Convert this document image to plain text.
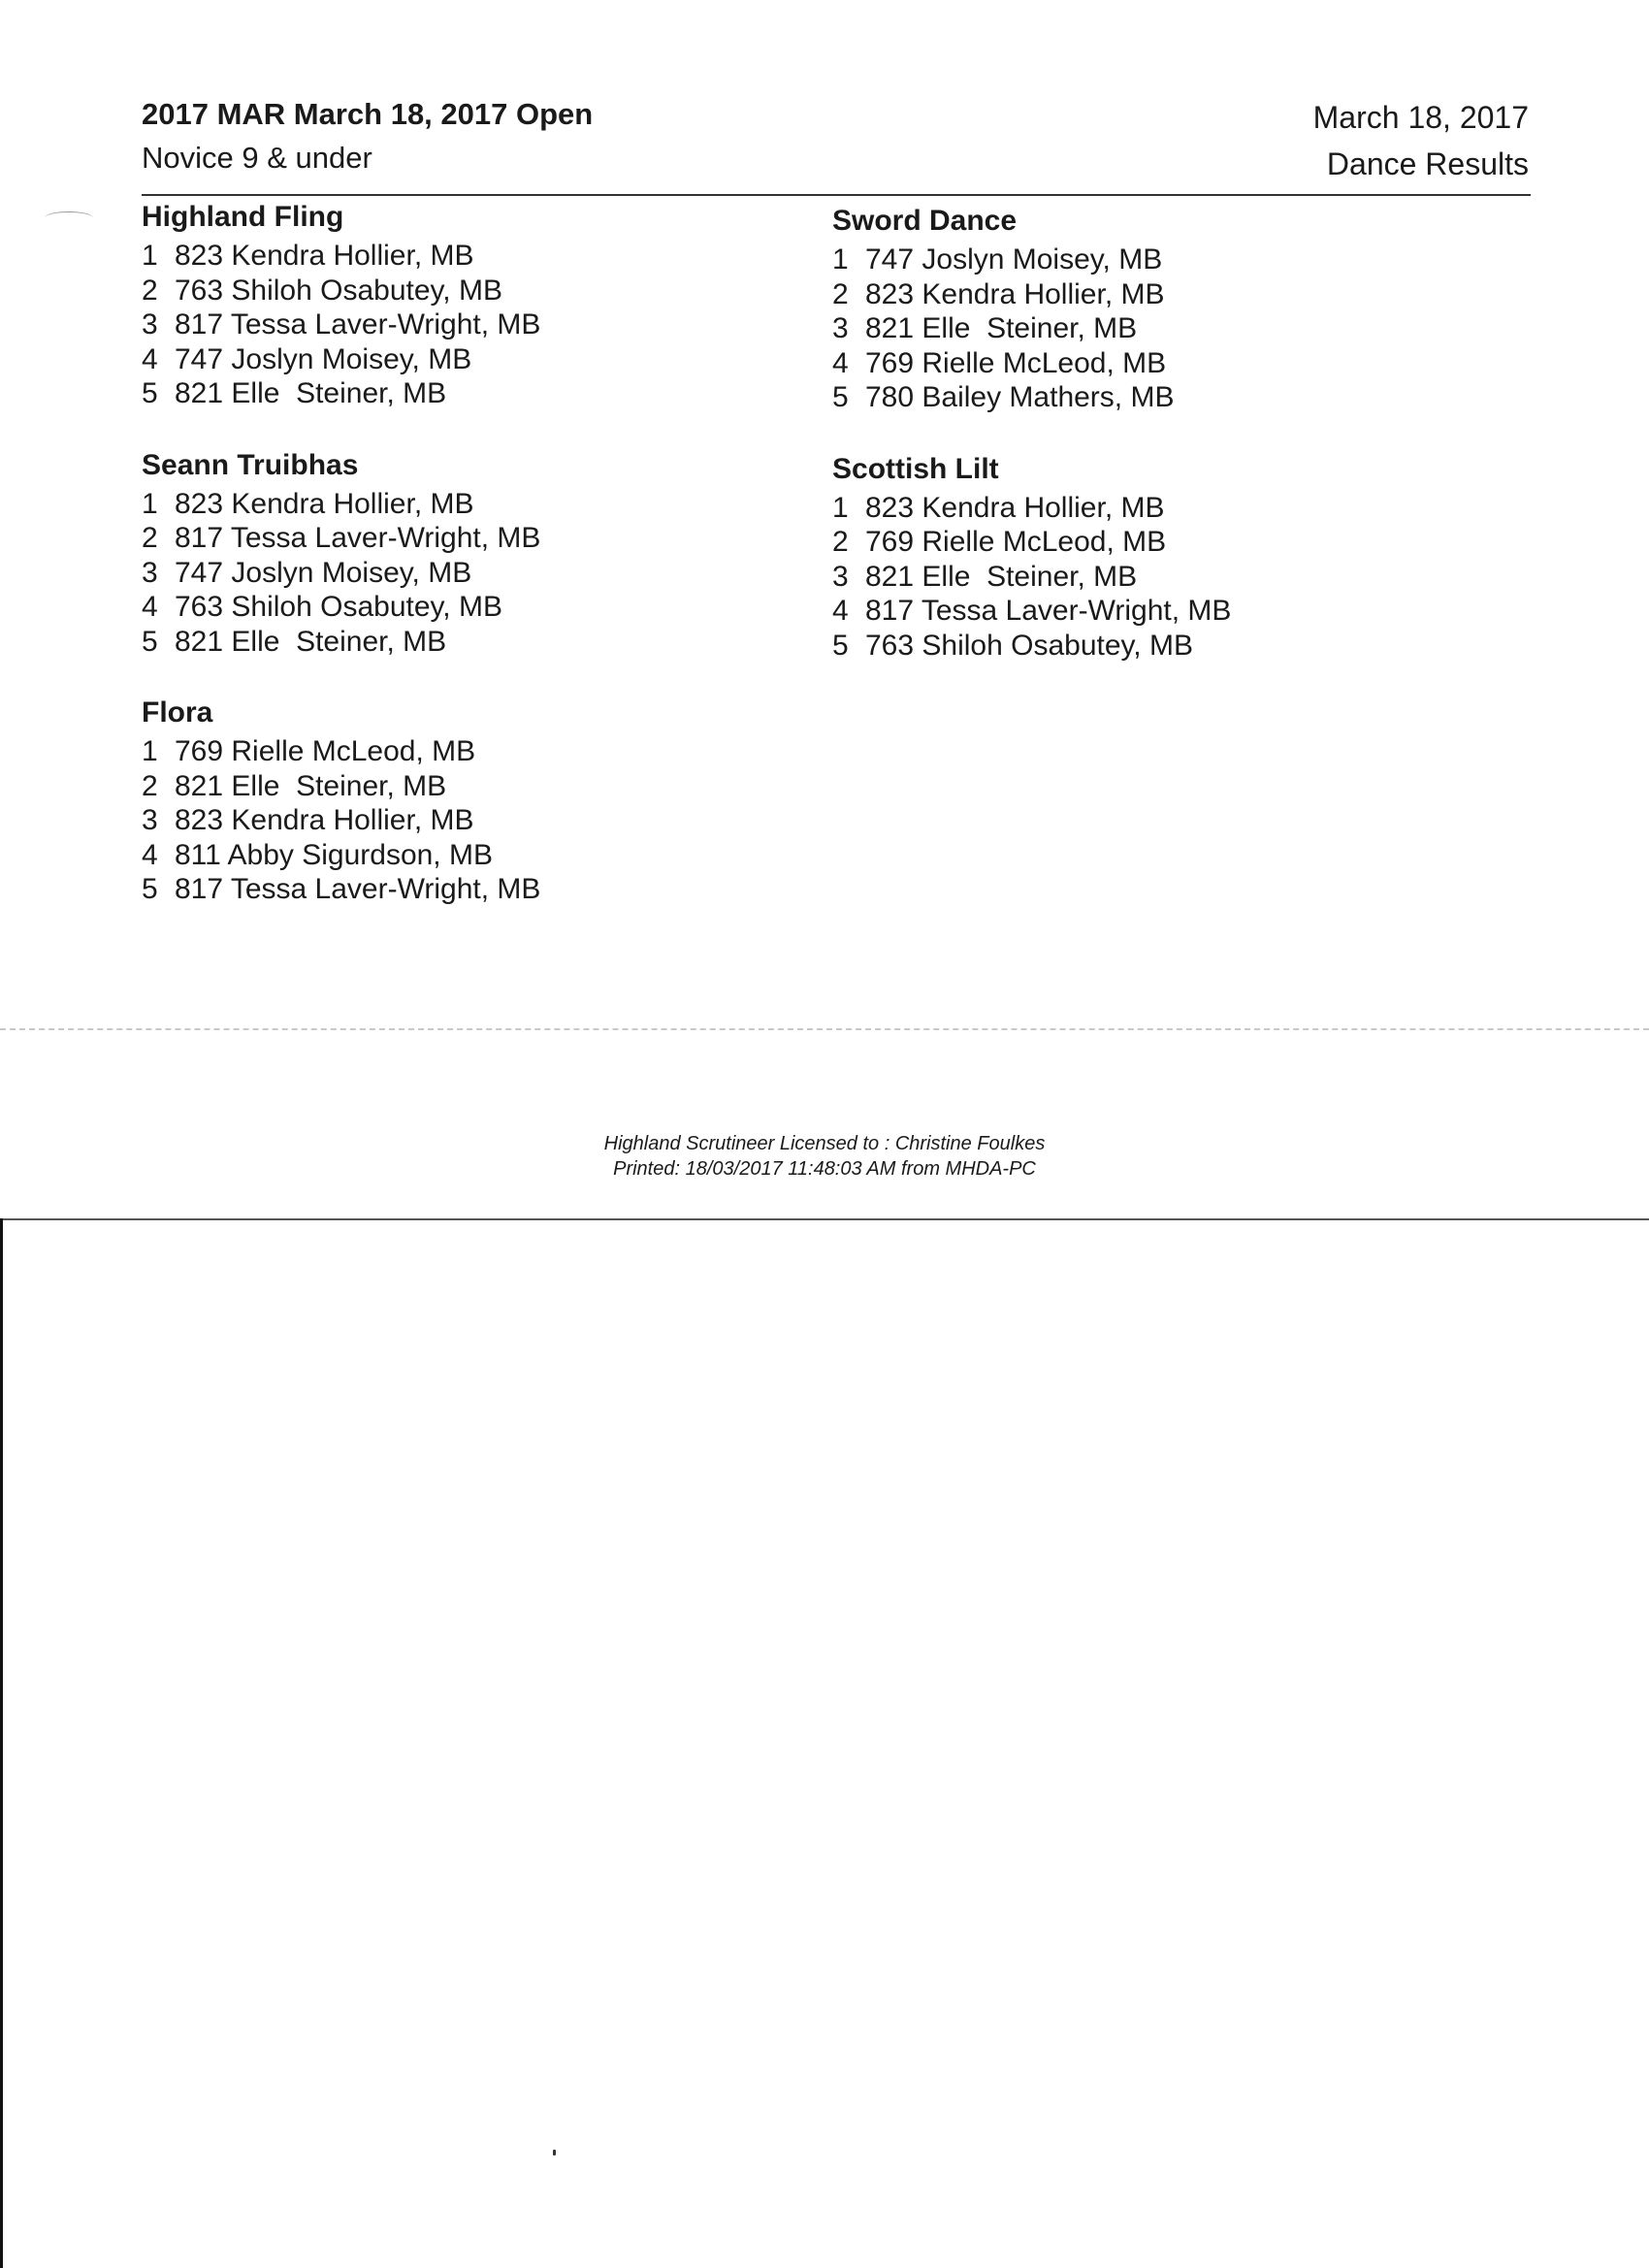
2017 MAR March 18, 2017 Open

Novice 9 & under

March 18, 2017

Dance Results

Highland Fling

1 823 Kendra Hollier, MB
2 763 Shiloh Osabutey, MB
3 817 Tessa Laver-Wright, MB
4 747 Joslyn Moisey, MB
5 821 Elle  Steiner, MB

Seann Truibhas

1 823 Kendra Hollier, MB
2 817 Tessa Laver-Wright, MB
3 747 Joslyn Moisey, MB
4 763 Shiloh Osabutey, MB
5 821 Elle  Steiner, MB

Flora

1 769 Rielle McLeod, MB
2 821 Elle  Steiner, MB
3 823 Kendra Hollier, MB
4 811 Abby Sigurdson, MB
5 817 Tessa Laver-Wright, MB

Sword Dance

1 747 Joslyn Moisey, MB
2 823 Kendra Hollier, MB
3 821 Elle  Steiner, MB
4 769 Rielle McLeod, MB
5 780 Bailey Mathers, MB

Scottish Lilt

1 823 Kendra Hollier, MB
2 769 Rielle McLeod, MB
3 821 Elle  Steiner, MB
4 817 Tessa Laver-Wright, MB
5 763 Shiloh Osabutey, MB

Highland Scrutineer Licensed to : Christine Foulkes

Printed: 18/03/2017 11:48:03 AM from MHDA-PC
